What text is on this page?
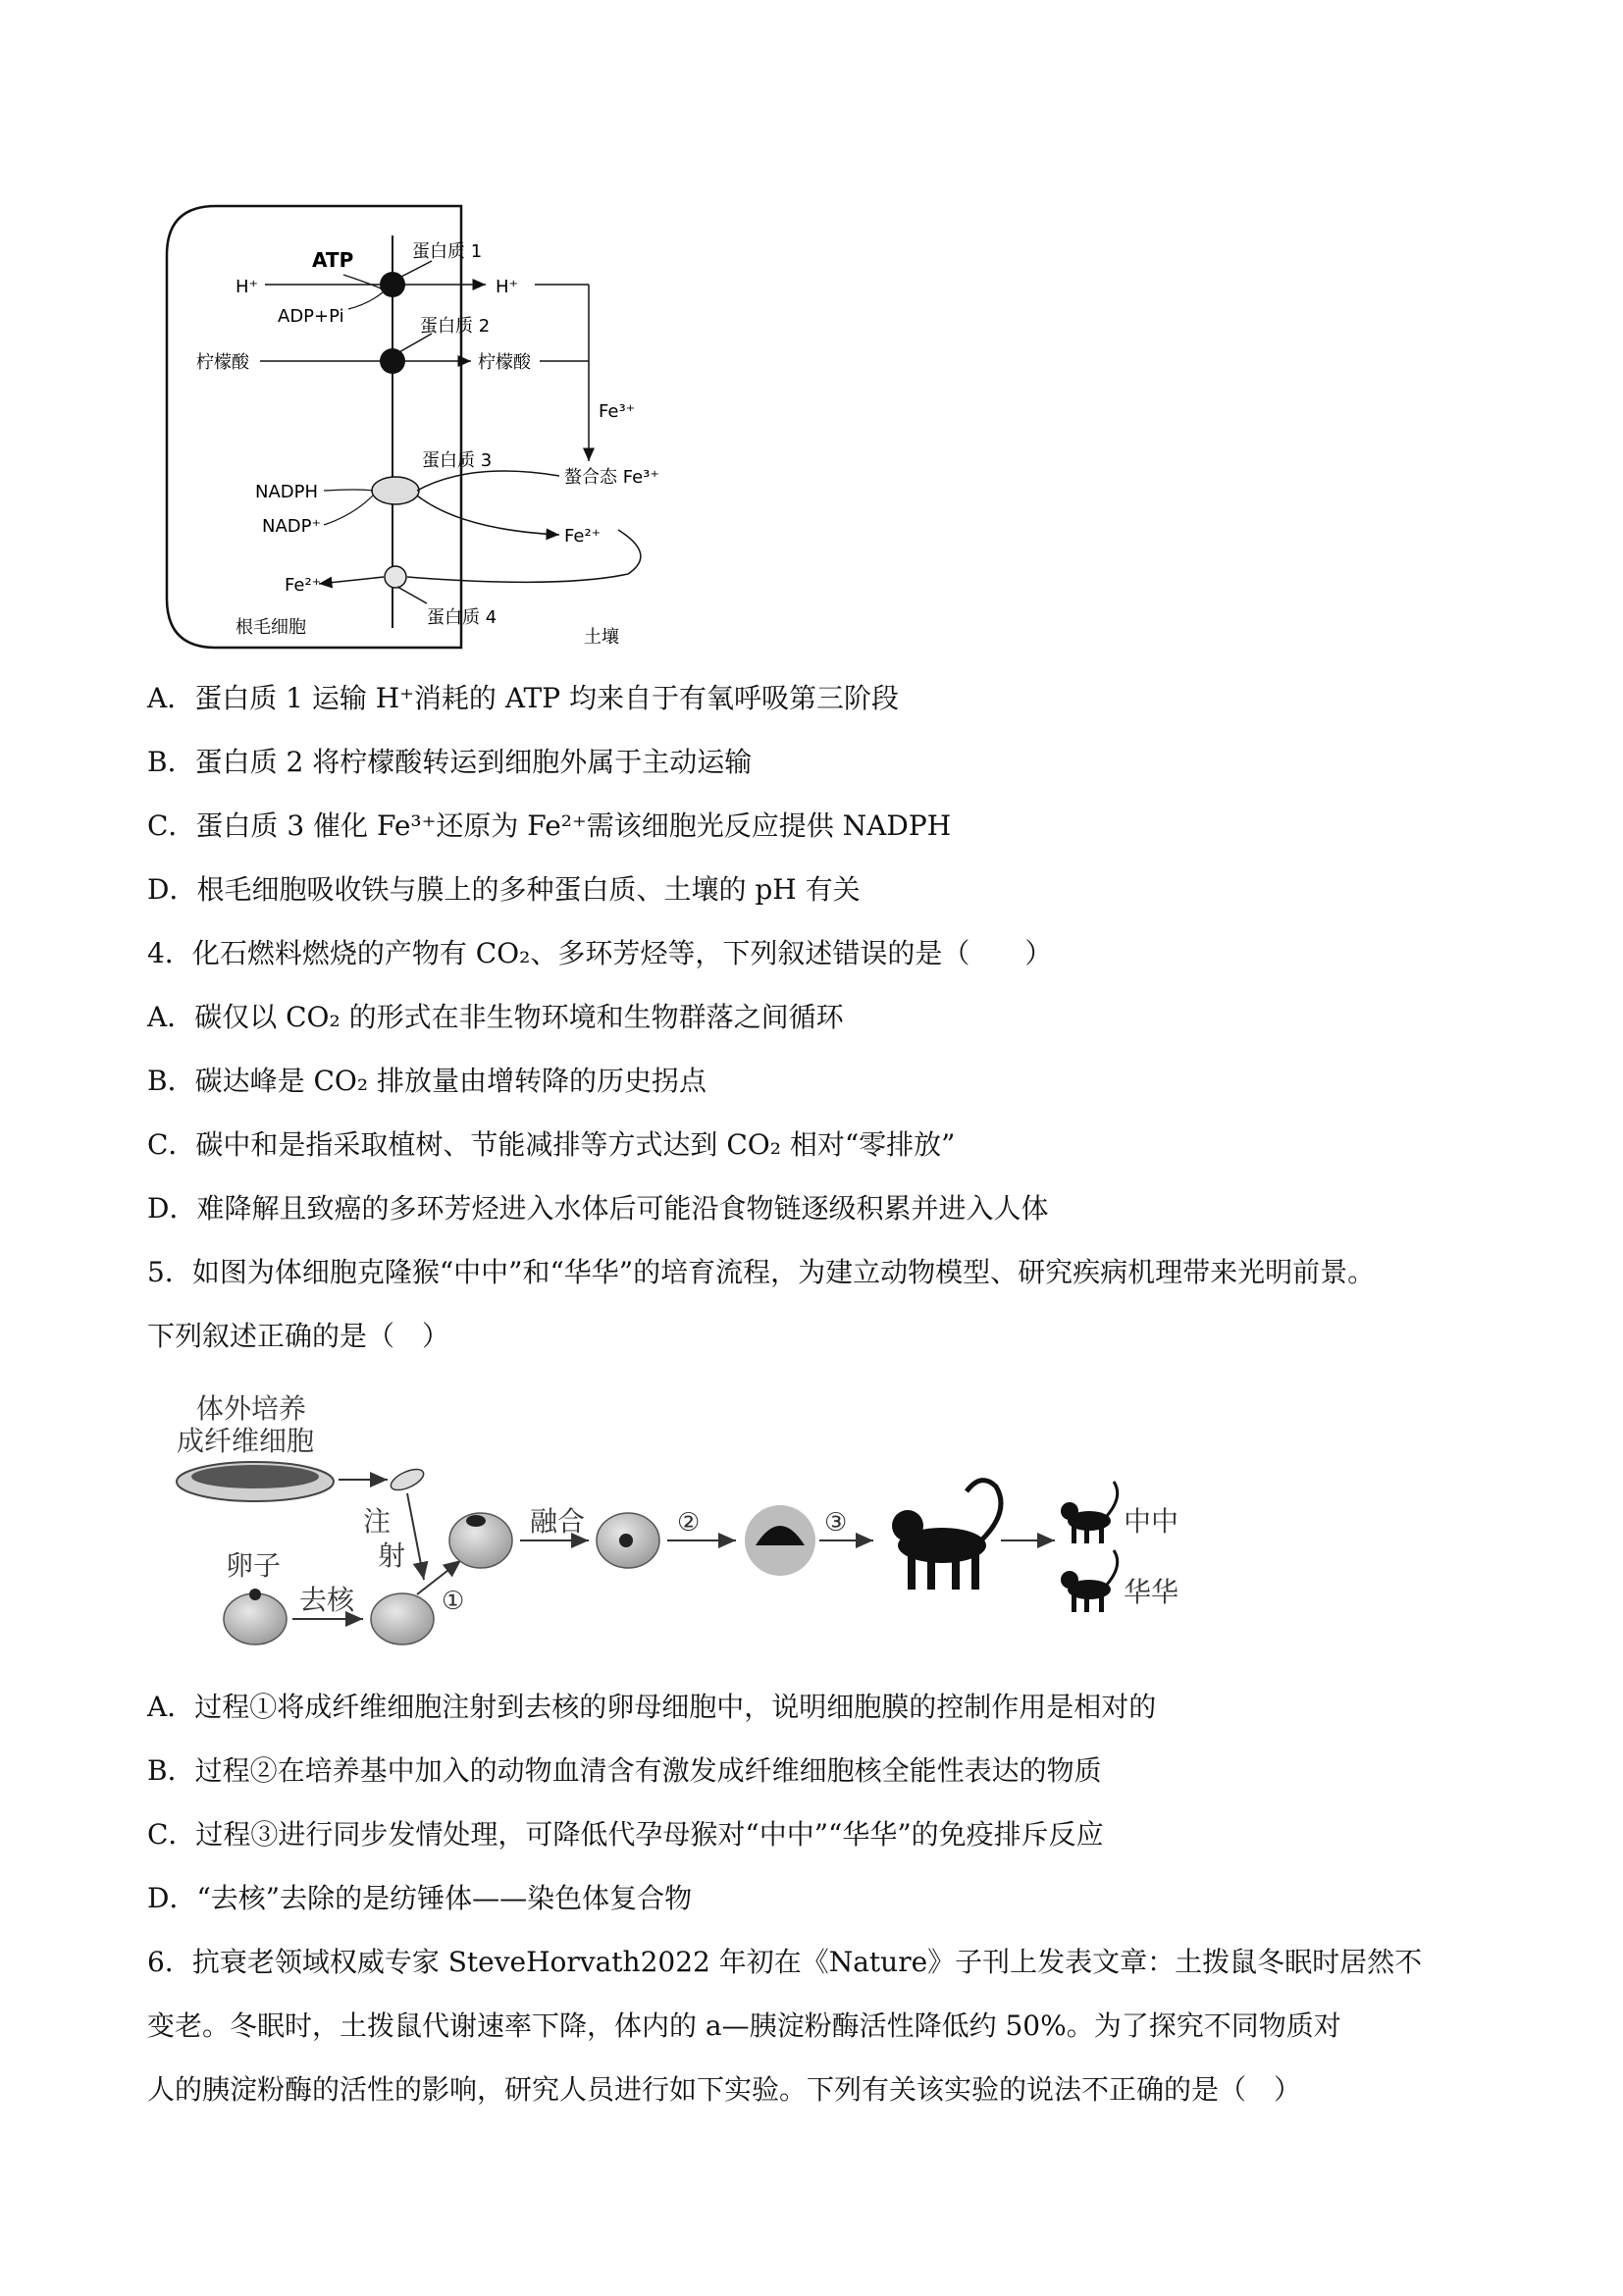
ATP	蛋白质 1
H⁺
ADP+Pi
H⁺
蛋白质 2
柠檬酸	柠檬酸
Fe³⁺
蛋白质 3
螯合态 Fe³⁺
Fe²⁺
NADPH
NADP⁺
Fe²⁺
蛋白质 4
根毛细胞	土壤
A．蛋白质 1 运输 H⁺消耗的 ATP 均来自于有氧呼吸第三阶段
B．蛋白质 2 将柠檬酸转运到细胞外属于主动运输
C．蛋白质 3 催化 Fe³⁺还原为 Fe²⁺需该细胞光反应提供 NADPH
D．根毛细胞吸收铁与膜上的多种蛋白质、土壤的 pH 有关
4．化石燃料燃烧的产物有 CO₂、多环芳烃等，下列叙述错误的是（　　）
A．碳仅以 CO₂ 的形式在非生物环境和生物群落之间循环
B．碳达峰是 CO₂ 排放量由增转降的历史拐点
C．碳中和是指采取植树、节能减排等方式达到 CO₂ 相对“零排放”
D．难降解且致癌的多环芳烃进入水体后可能沿食物链逐级积累并进入人体
5．如图为体细胞克隆猴“中中”和“华华”的培育流程，为建立动物模型、研究疾病机理带来光明前景。
下列叙述正确的是（　）
体外培养
成纤维细胞
注
射
卵子
去核	①
融合	②	③	中中
华华
A．过程①将成纤维细胞注射到去核的卵母细胞中，说明细胞膜的控制作用是相对的
B．过程②在培养基中加入的动物血清含有激发成纤维细胞核全能性表达的物质
C．过程③进行同步发情处理，可降低代孕母猴对“中中”“华华”的免疫排斥反应
D．“去核”去除的是纺锤体——染色体复合物
6．抗衰老领域权威专家 SteveHorvath2022 年初在《Nature》子刊上发表文章：土拨鼠冬眠时居然不
变老。冬眠时，土拨鼠代谢速率下降，体内的 a—胰淀粉酶活性降低约 50%。为了探究不同物质对
人的胰淀粉酶的活性的影响，研究人员进行如下实验。下列有关该实验的说法不正确的是（　）
